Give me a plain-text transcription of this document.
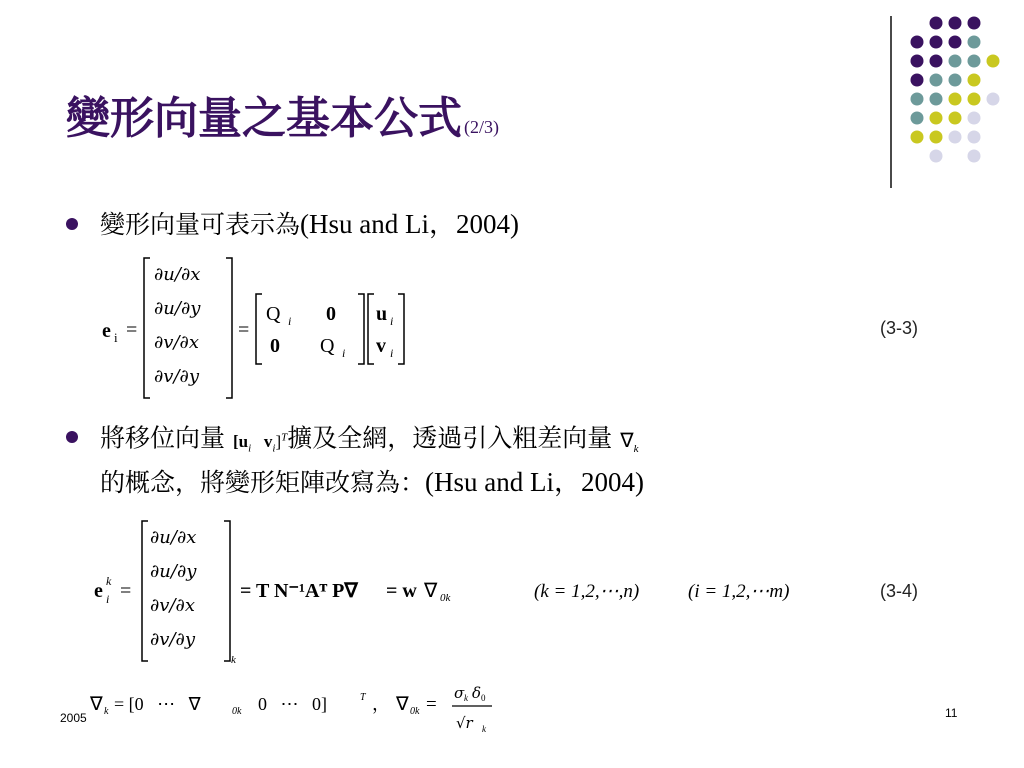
變形向量之基本公式 (2/3)
變形向量可表示為(Hsu and Li，2004)
e i =
∂u/∂x
∂u/∂y
∂v/∂x
∂v/∂y
=
Q i 0
0 Q i
u i
v i
(3-3)
將移位向量 [$u_i$ $v_i]^T$擴及全網，透過引入粗差向量 $\nabla_k$
的概念，將變形矩陣改寫為：(Hsu and Li，2004)
e i
k =
∂u/∂x
∂u/∂y
∂v/∂x
∂v/∂y
k
= T N⁻¹Aᵀ P∇ = w ∇ 0k	(k = 1,2,⋯,n)	(i = 1,2,⋯m)	(3-4)
∇ k = [0   ⋯   ∇	0k 0   ⋯   0]	T ， ∇ 0k =
σ k δ 0
√r k
2005	11
